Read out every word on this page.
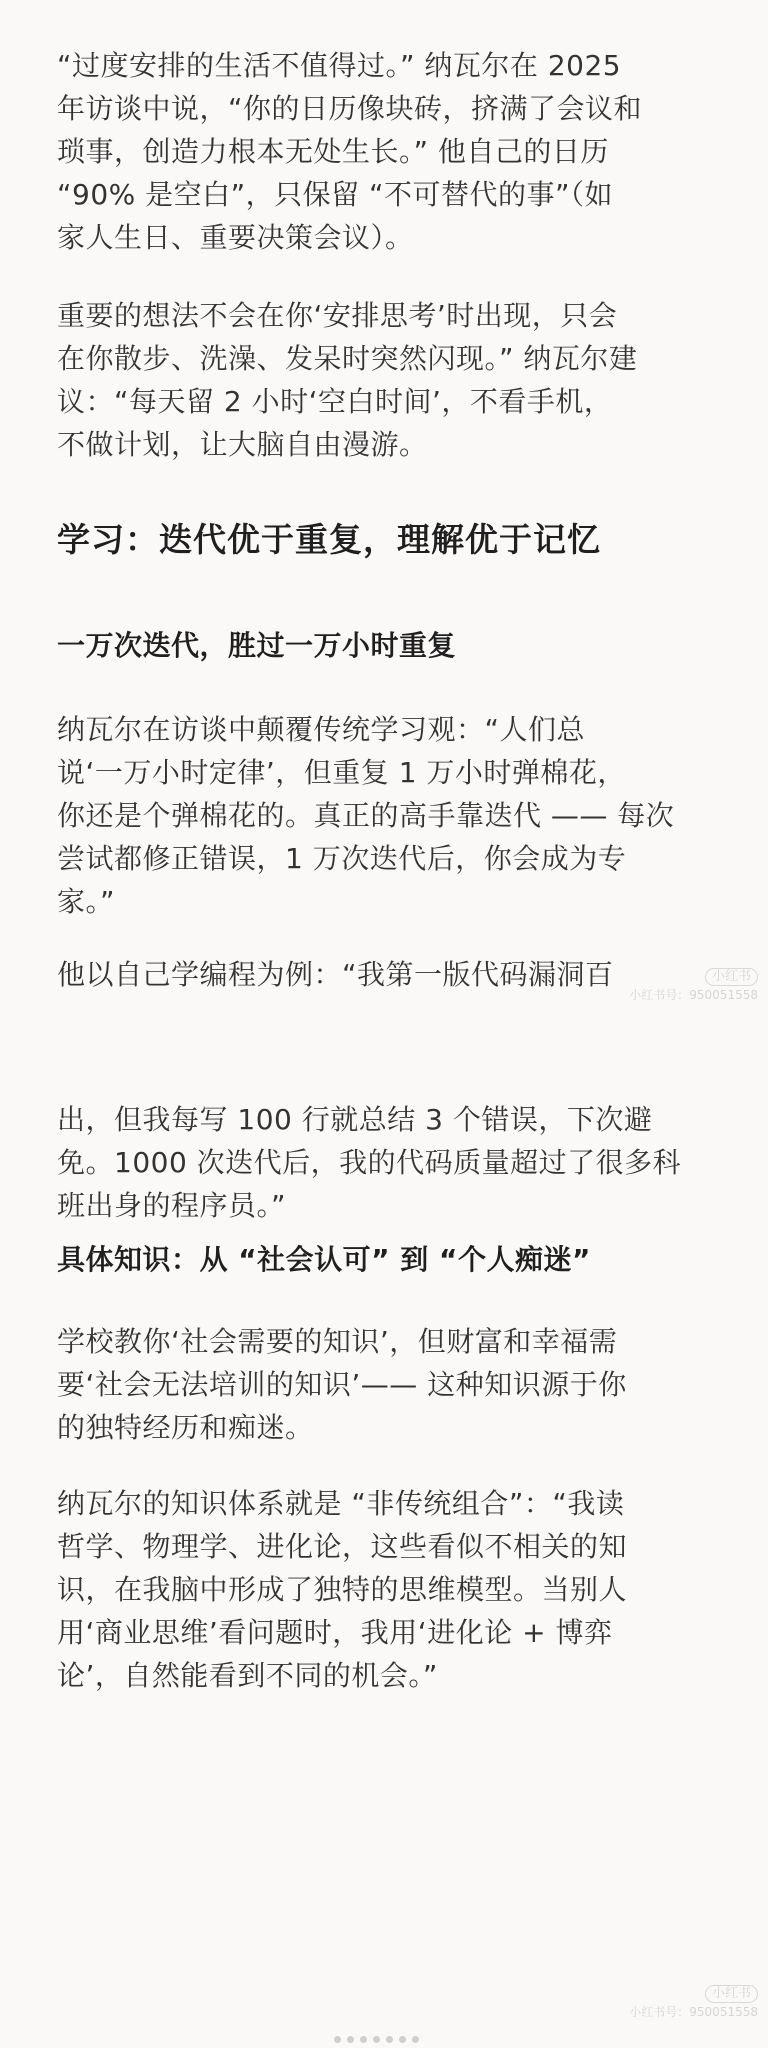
“过度安排的生活不值得过。” 纳瓦尔在 2025
年访谈中说，“你的日历像块砖，挤满了会议和
琐事，创造力根本无处生长。” 他自己的日历
“90% 是空白”，只保留 “不可替代的事”（如
家人生日、重要决策会议）。

重要的想法不会在你‘安排思考’时出现，只会
在你散步、洗澡、发呆时突然闪现。” 纳瓦尔建
议：“每天留 2 小时‘空白时间’，不看手机，
不做计划，让大脑自由漫游。

学习：迭代优于重复，理解优于记忆
一万次迭代，胜过一万小时重复

纳瓦尔在访谈中颠覆传统学习观：“人们总
说‘一万小时定律’，但重复 1 万小时弹棉花，
你还是个弹棉花的。真正的高手靠迭代 —— 每次
尝试都修正错误，1 万次迭代后，你会成为专
家。”

他以自己学编程为例：“我第一版代码漏洞百	小红书
小红书号：950051558

出，但我每写 100 行就总结 3 个错误，下次避
免。1000 次迭代后，我的代码质量超过了很多科
班出身的程序员。”

具体知识：从 “社会认可” 到 “个人痴迷”

学校教你‘社会需要的知识’，但财富和幸福需
要‘社会无法培训的知识’—— 这种知识源于你
的独特经历和痴迷。

纳瓦尔的知识体系就是 “非传统组合”：“我读
哲学、物理学、进化论，这些看似不相关的知
识，在我脑中形成了独特的思维模型。当别人
用‘商业思维’看问题时，我用‘进化论 + 博弈
论’，自然能看到不同的机会。”

小红书
小红书号：950051558
